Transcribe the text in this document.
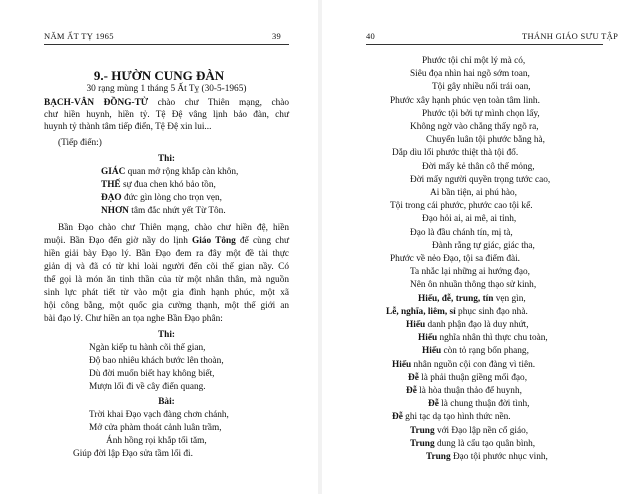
NĂM ẤT TỴ 1965	39
9.- HƯỜN CUNG ĐÀN
30 rạng mùng 1 tháng 5 Ất Tỵ (30-5-1965)
BẠCH-VÂN ĐỒNG-TỬ chào chư Thiên mạng, chào
chư hiền huynh, hiền tỷ. Tệ Đệ vâng lịnh bảo đàn, chư
huynh tỷ thành tâm tiếp điển, Tệ Đệ xin lui...
(Tiếp điển:)
Thi:
GIÁC quan mở rộng khắp càn khôn,
THẾ sự đua chen khó bảo tồn,
ĐẠO đức gìn lòng cho trọn vẹn,
NHƠN tâm đắc nhứt yết Từ Tôn.
Bần Đạo chào chư Thiên mạng, chào chư hiền đệ, hiền
muội. Bần Đạo đến giờ nầy do lịnh Giáo Tông để cùng chư
hiền giải bày Đạo lý. Bần Đạo đem ra đây một đề tài thực
giản dị và đã có từ khi loài người đến cõi thế gian nầy. Có
thể gọi là món ăn tinh thần của từ một nhân thân, mà nguồn
sinh lực phát tiết từ vào một gia đình hạnh phúc, một xã
hội công bằng, một quốc gia cường thạnh, một thế giới an
bài đạo lý. Chư hiền an tọa nghe Bần Đạo phân:
Thi:
Ngàn kiếp tu hành cõi thế gian,
Độ bao nhiêu khách bước lên thoàn,
Dù đời muốn biết hay không biết,
Mượn lối đi về cây điển quang.
Bài:
Trời khai Đạo vạch đàng chơn chánh,
Mở cửa phàm thoát cảnh luân trầm,
Ánh hồng rọi khắp tối tăm,
Giúp đời lập Đạo sửa tầm lối đi.
40	THÁNH GIÁO SƯU TẬP
Phước tội chỉ một lý mà có,
Siêu đọa nhìn hai ngõ sớm toan,
Tội gây nhiều nổi trái oan,
Phước xây hạnh phúc vẹn toàn tâm linh.
Phước tội bởi tự mình chọn lấy,
Không ngờ vào chẳng thấy ngõ ra,
Chuyển luân tội phước bằng hà,
Dắp dìu lối phước thiệt thà tội đổ.
Đời mấy kẻ thân cô thế mỏng,
Đời mấy người quyền trọng tước cao,
Ai bần tiện, ai phú hào,
Tội trong cái phước, phước cao tội kể.
Đạo hỏi ai, ai mê, ai tỉnh,
Đạo là đầu chánh tín, mị tà,
Đành rằng tự giác, giác tha,
Phước về nẻo Đạo, tội sa điểm đài.
Ta nhắc lại những ai hướng đạo,
Nên ôn nhuần thông thạo sử kinh,
Hiếu, đễ, trung, tín vẹn gìn,
Lễ, nghĩa, liêm, sỉ phục sinh đạo nhà.
Hiếu danh phận đạo là duy nhứt,
Hiếu nghĩa nhân thì thực chu toàn,
Hiếu còn tỏ rạng bốn phang,
Hiếu nhân nguồn cội con đàng vì tiên.
Đễ là phải thuận giềng mối đạo,
Đễ là hòa thuận thảo để huynh,
Đễ là chung thuận đời tình,
Đễ ghi tạc dạ tạo hình thức nền.
Trung với Đạo lập nền cổ giáo,
Trung dung là cẩu tạo quân bình,
Trung Đạo tội phước nhục vinh,
